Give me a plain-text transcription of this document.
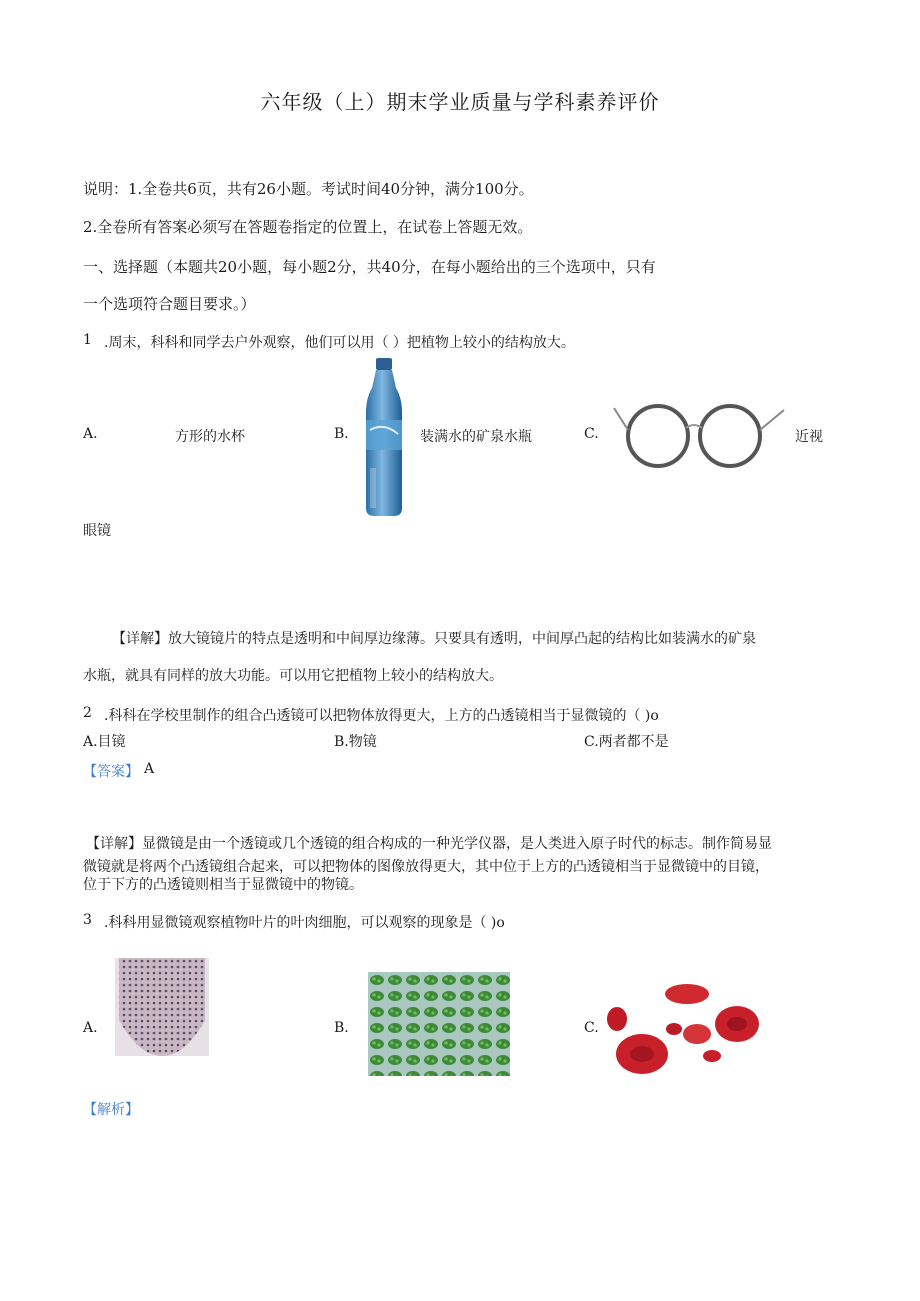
六年级（上）期末学业质量与学科素养评价
说明：1.全卷共6页，共有26小题。考试时间40分钟，满分100分。
2.全卷所有答案必须写在答题卷指定的位置上，在试卷上答题无效。
一、选择题（本题共20小题，每小题2分，共40分，在每小题给出的三个选项中，只有
一个选项符合题目要求。）
1 .周末，科科和同学去户外观察，他们可以用（ ）把植物上较小的结构放大。
A.	方形的水杯	B.	装满水的矿泉水瓶	C.	近视
眼镜
【详解】放大镜镜片的特点是透明和中间厚边缘薄。只要具有透明，中间厚凸起的结构比如装满水的矿泉
水瓶，就具有同样的放大功能。可以用它把植物上较小的结构放大。
2 .科科在学校里制作的组合凸透镜可以把物体放得更大，上方的凸透镜相当于显微镜的（ )o
A.目镜	B.物镜	C.两者都不是
【答案】 A
【详解】显微镜是由一个透镜或几个透镜的组合构成的一种光学仪器，是人类进入原子时代的标志。制作简易显
微镜就是将两个凸透镜组合起来，可以把物体的图像放得更大，其中位于上方的凸透镜相当于显微镜中的目镜，
位于下方的凸透镜则相当于显微镜中的物镜。
3 .科科用显微镜观察植物叶片的叶肉细胞，可以观察的现象是（ )o
A.	B.	C.
【解析】
